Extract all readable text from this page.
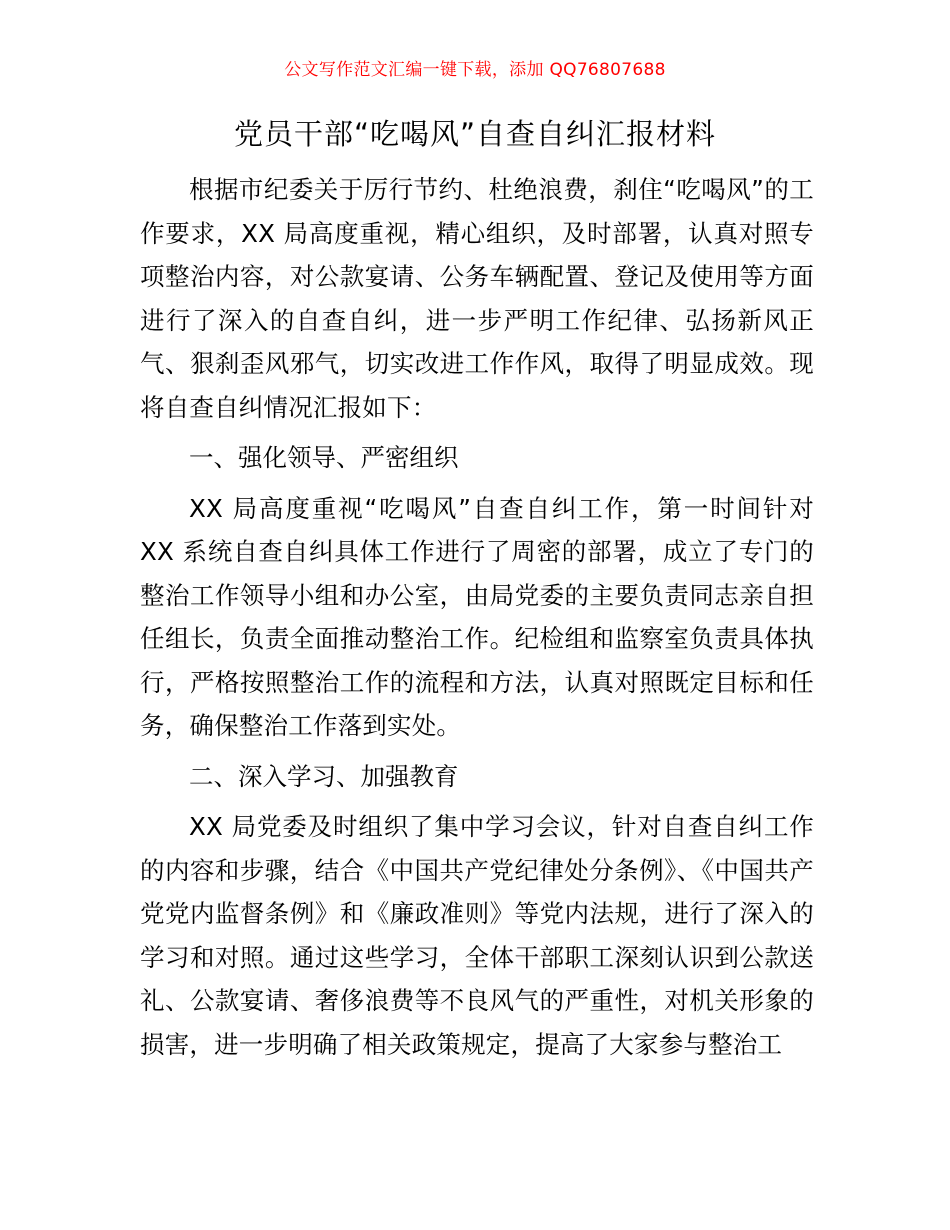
公文写作范文汇编一键下载，添加 QQ76807688
党员干部“吃喝风”自查自纠汇报材料

根据市纪委关于厉行节约、杜绝浪费，刹住“吃喝风”的工作要求，XX 局高度重视，精心组织，及时部署，认真对照专项整治内容，对公款宴请、公务车辆配置、登记及使用等方面进行了深入的自查自纠，进一步严明工作纪律、弘扬新风正气、狠刹歪风邪气，切实改进工作作风，取得了明显成效。现将自查自纠情况汇报如下：

一、强化领导、严密组织

XX 局高度重视“吃喝风”自查自纠工作，第一时间针对 XX 系统自查自纠具体工作进行了周密的部署，成立了专门的整治工作领导小组和办公室，由局党委的主要负责同志亲自担任组长，负责全面推动整治工作。纪检组和监察室负责具体执行，严格按照整治工作的流程和方法，认真对照既定目标和任务，确保整治工作落到实处。

二、深入学习、加强教育

XX 局党委及时组织了集中学习会议，针对自查自纠工作的内容和步骤，结合《中国共产党纪律处分条例》、《中国共产党党内监督条例》和《廉政准则》等党内法规，进行了深入的学习和对照。通过这些学习，全体干部职工深刻认识到公款送礼、公款宴请、奢侈浪费等不良风气的严重性，对机关形象的损害，进一步明确了相关政策规定，提高了大家参与整治工
